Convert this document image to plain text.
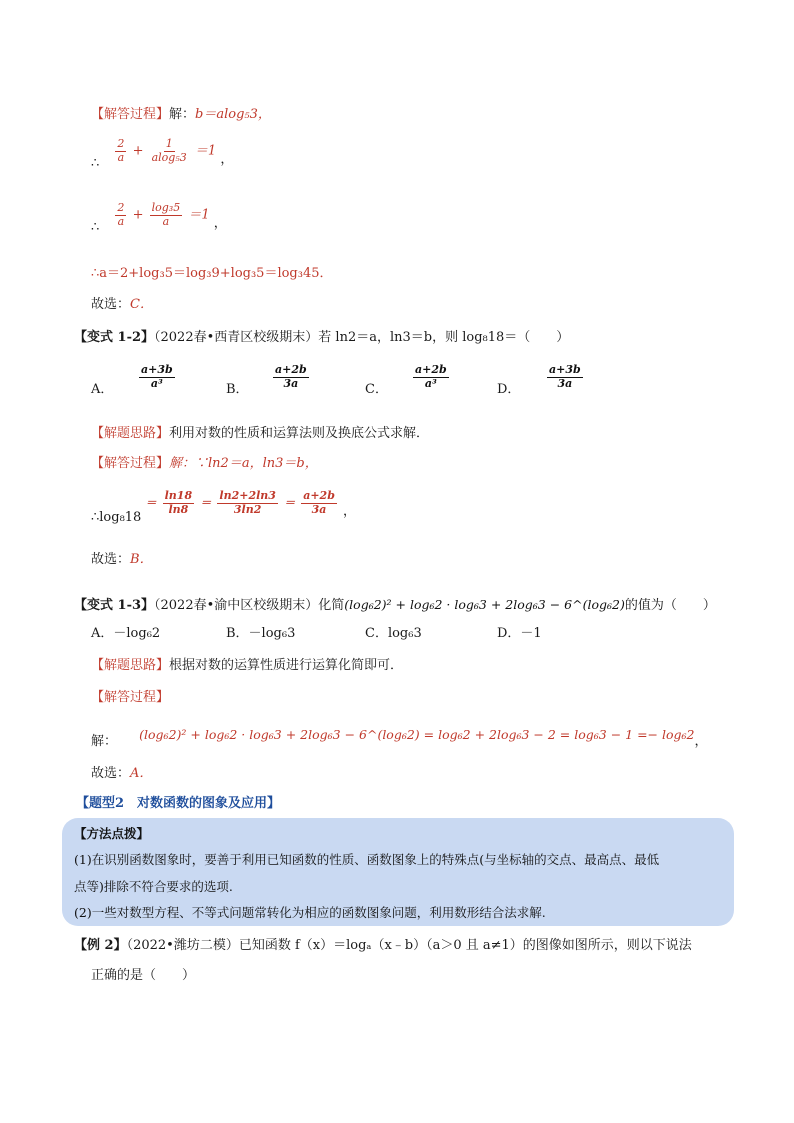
【解答过程】解：b＝alog₅3，
∴ $\frac{2}{a} + \frac{1}{\text{alog₅3}} =1$ ，
∴ $\frac{2}{a} + \frac{\text{log₃5}}{a} =1$ ，
∴a＝2+log₃5＝log₃9+log₃5＝log₃45．
故选：C．
【变式 1-2】（2022春•西青区校级期末）若 ln2＝a，ln3＝b，则 log₈18＝（　　）
A． $\frac{a+3b}{\text{a³}}$	B． $\frac{a+2b}{3a}$	C． $\frac{a+2b}{\text{a³}}$	D． $\frac{a+3b}{3a}$
【解题思路】利用对数的性质和运算法则及换底公式求解．
【解答过程】解：∵ln2＝a，ln3＝b，
∴log₈18 ＝ $\frac{\ln 18}{\ln 8} = \frac{\ln 2+2\ln 3}{3\ln 2} = \frac{a+2b}{3a}$ ，
故选：B．
【变式 1-3】（2022春•渝中区校级期末）化简(log₆2)² + log₆2 · log₆3 + 2log₆3 − 6^(log₆2)的值为（　　）
A．－log₆2	B．－log₆3	C．log₆3	D．－1
【解题思路】根据对数的运算性质进行运算化简即可．
【解答过程】
解： (log₆2)² + log₆2 · log₆3 + 2log₆3 − 6^(log₆2) = log₆2 + 2log₆3 − 2 = log₆3 − 1 =− log₆2，
故选：A．
【题型2　对数函数的图象及应用】
【方法点拨】
(1)在识别函数图象时，要善于利用已知函数的性质、函数图象上的特殊点(与坐标轴的交点、最高点、最低
点等)排除不符合要求的选项.
(2)一些对数型方程、不等式问题常转化为相应的函数图象问题，利用数形结合法求解.
【例 2】（2022•潍坊二模）已知函数 f（x）＝logₐ（x﹣b）（a＞0 且 a≠1）的图像如图所示，则以下说法
正确的是（　　）
